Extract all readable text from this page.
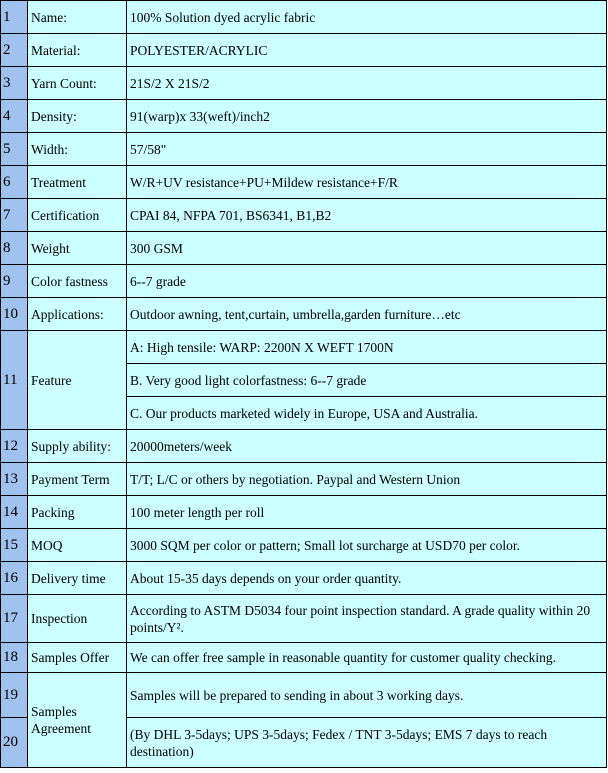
1	Name:	100% Solution dyed acrylic fabric
2	Material:	POLYESTER/ACRYLIC
3	Yarn Count:	21S/2 X 21S/2
4	Density:	91(warp)x 33(weft)/inch2
5	Width:	57/58"
6	Treatment	W/R+UV resistance+PU+Mildew resistance+F/R
7	Certification	CPAI 84, NFPA 701, BS6341, B1,B2
8	Weight	300 GSM
9	Color fastness	6--7 grade
10	Applications:	Outdoor awning, tent,curtain, umbrella,garden furniture…etc
11	Feature	A: High tensile: WARP: 2200N X WEFT 1700N
		B. Very good light colorfastness: 6--7 grade
		C. Our products marketed widely in Europe, USA and Australia.
12	Supply ability:	20000meters/week
13	Payment Term	T/T; L/C or others by negotiation. Paypal and Western Union
14	Packing	100 meter length per roll
15	MOQ	3000 SQM per color or pattern; Small lot surcharge at USD70 per color.
16	Delivery time	About 15-35 days depends on your order quantity.
17	Inspection	According to ASTM D5034 four point inspection standard. A grade quality within 20 points/Y².
18	Samples Offer	We can offer free sample in reasonable quantity for customer quality checking.
19	Samples Agreement	Samples will be prepared to sending in about 3 working days.
20		(By DHL 3-5days; UPS 3-5days; Fedex / TNT 3-5days; EMS 7 days to reach destination)
